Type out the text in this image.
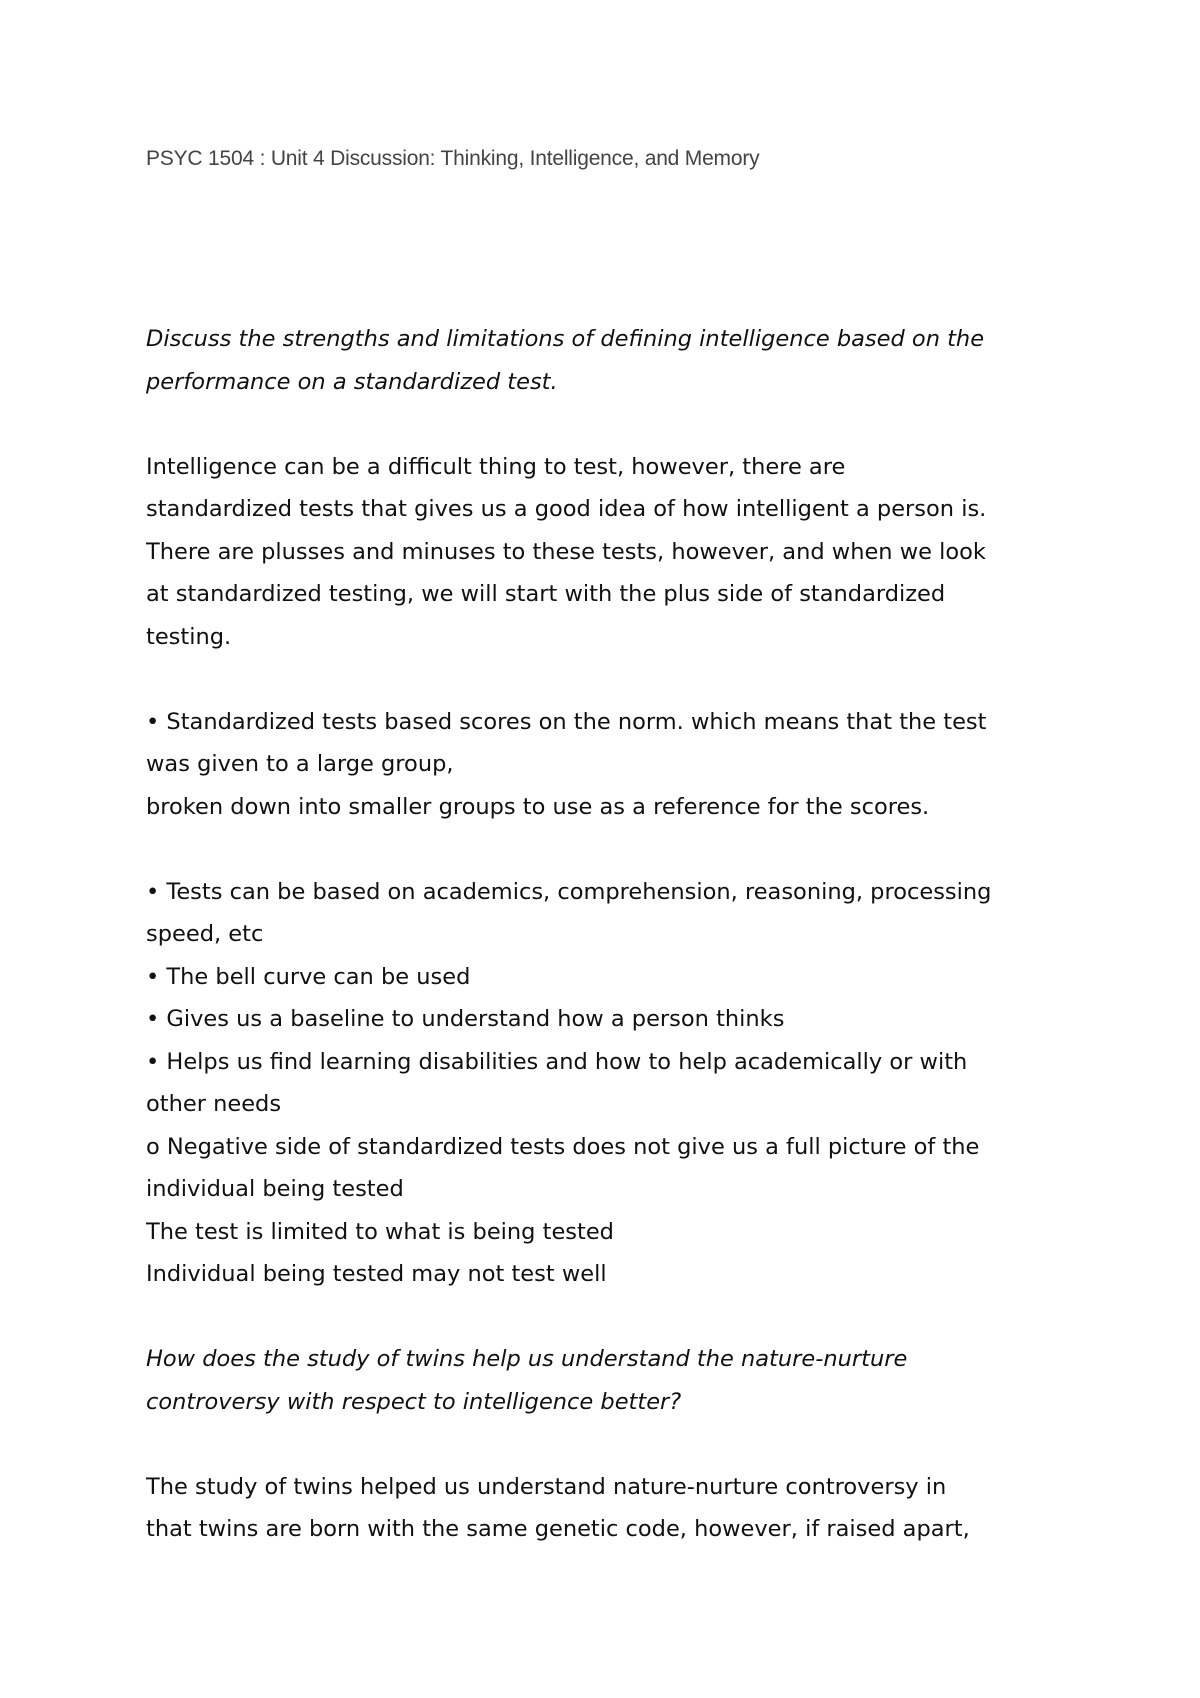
PSYC 1504 : Unit 4 Discussion: Thinking, Intelligence, and Memory

Discuss the strengths and limitations of defining intelligence based on the
performance on a standardized test.

Intelligence can be a difficult thing to test, however, there are
standardized tests that gives us a good idea of how intelligent a person is.
There are plusses and minuses to these tests, however, and when we look
at standardized testing, we will start with the plus side of standardized
testing.

• Standardized tests based scores on the norm. which means that the test
was given to a large group,
broken down into smaller groups to use as a reference for the scores.

• Tests can be based on academics, comprehension, reasoning, processing
speed, etc
• The bell curve can be used
• Gives us a baseline to understand how a person thinks
• Helps us find learning disabilities and how to help academically or with
other needs
o Negative side of standardized tests does not give us a full picture of the
individual being tested
The test is limited to what is being tested
Individual being tested may not test well

How does the study of twins help us understand the nature-nurture
controversy with respect to intelligence better?

The study of twins helped us understand nature-nurture controversy in
that twins are born with the same genetic code, however, if raised apart,
